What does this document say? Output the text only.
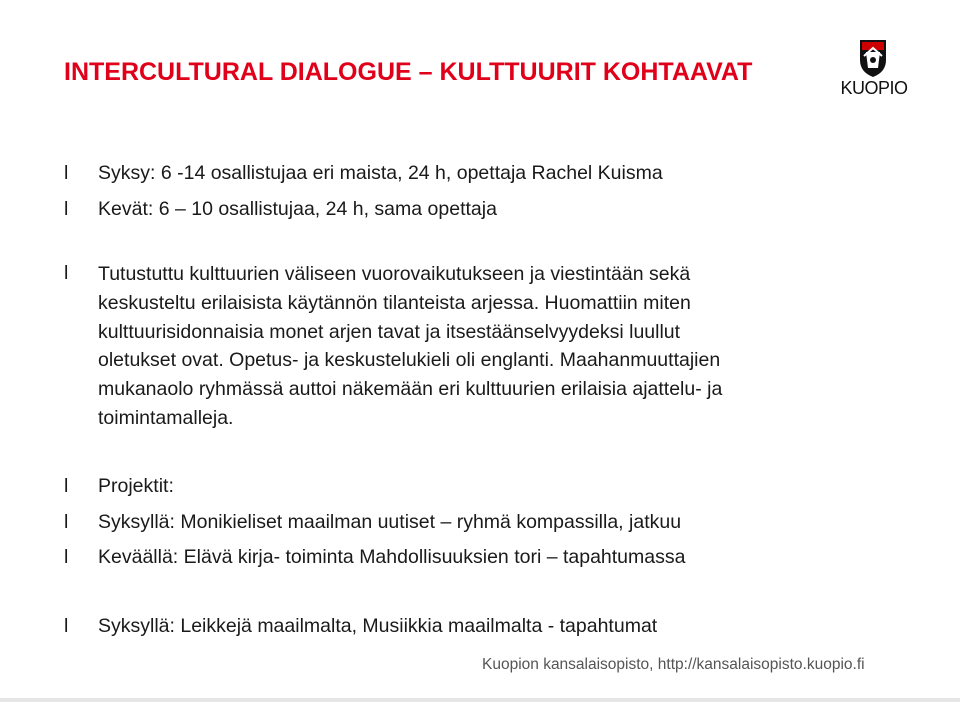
INTERCULTURAL DIALOGUE – KULTTUURIT KOHTAAVAT
KUOPIO
l Syksy: 6 -14 osallistujaa eri maista, 24 h, opettaja Rachel Kuisma
l Kevät: 6 – 10 osallistujaa, 24 h, sama opettaja
l Tutustuttu kulttuurien väliseen vuorovaikutukseen ja viestintään sekä
keskusteltu erilaisista käytännön tilanteista arjessa. Huomattiin miten
kulttuurisidonnaisia monet arjen tavat ja itsestäänselvyydeksi luullut
oletukset ovat. Opetus- ja keskustelukieli oli englanti. Maahanmuuttajien
mukanaolo ryhmässä auttoi näkemään eri kulttuurien erilaisia ajattelu- ja
toimintamalleja.
l Projektit:
l Syksyllä: Monikieliset maailman uutiset – ryhmä kompassilla, jatkuu
l Keväällä: Elävä kirja- toiminta Mahdollisuuksien tori – tapahtumassa
l Syksyllä: Leikkejä maailmalta, Musiikkia maailmalta - tapahtumat
Kuopion kansalaisopisto, http://kansalaisopisto.kuopio.fi
